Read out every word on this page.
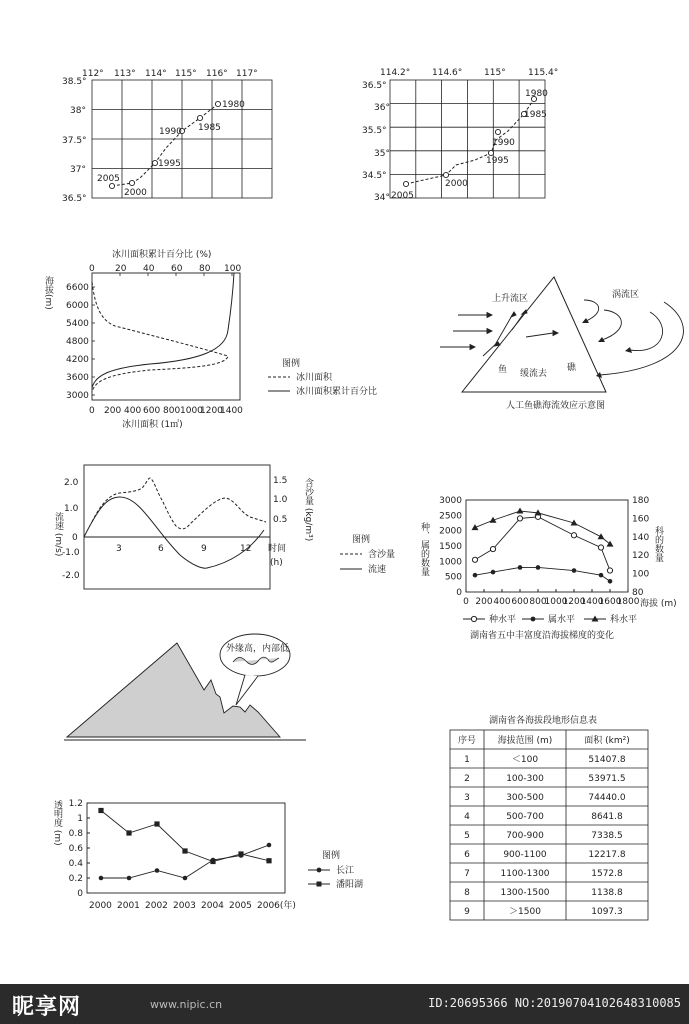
112° 113° 114° 115° 116° 117°
38.5°
38°
37.5°
37°
36.5°
1980
1985
1990
1995
2000
2005
114.2° 114.6° 115° 115.4°
36.5°
36°
35.5°
35°
34.5°
34°
1980
1985
1990
1995
2000
2005
冰川面积累计百分比 (%)
0 20 40 60 80 100
海拔(m) 6600
6000
5400
4800
4200
3600
3000
0 200 400 600 800 1000
1200
1400
冰川面积 (1㎡)
图例
冰川面积
冰川面积累计百分比
上升流区	涡流区
鱼 缓流去
礁
人工鱼礁海流效应示意图
流速 (m/s)
2.0
1.0
0
-1.0
-2.0
1.5
1.0
0.5 含沙量 (kg/m³)
3	6	9	12 时间
(h)
图例
含沙量
流速	种、属的数量	科的数量
海拔 (m)
0 200 400 600 800
1000
1200
1400
1600
1800
3000
2500
2000
1500
1000
500
0
180
160
140
120
100
80
种水平	属水平	科水平
湖南省五中丰富度沿海拔梯度的变化
外缘高，内部低
湖南省各海拔段地形信息表
序号 海拔范围 (m)	面积 (km²)
1	＜100	51407.8
2	100-300	53971.5
3	300-500	74440.0
4	500-700	8641.8
5	700-900	7338.5
6	900-1100	12217.8
7	1100-1300	1572.8
8	1300-1500	1138.8
9	＞1500	1097.3
透明度 (m) 1.2
1
0.8
0.6
0.4
0.2
0
2000 2001 2002 2003 2004 2005 2006(年)
图例
长江
潘阳湖
昵享网	www.nipic.cn	ID:20695366 NO:20190704102648310085
